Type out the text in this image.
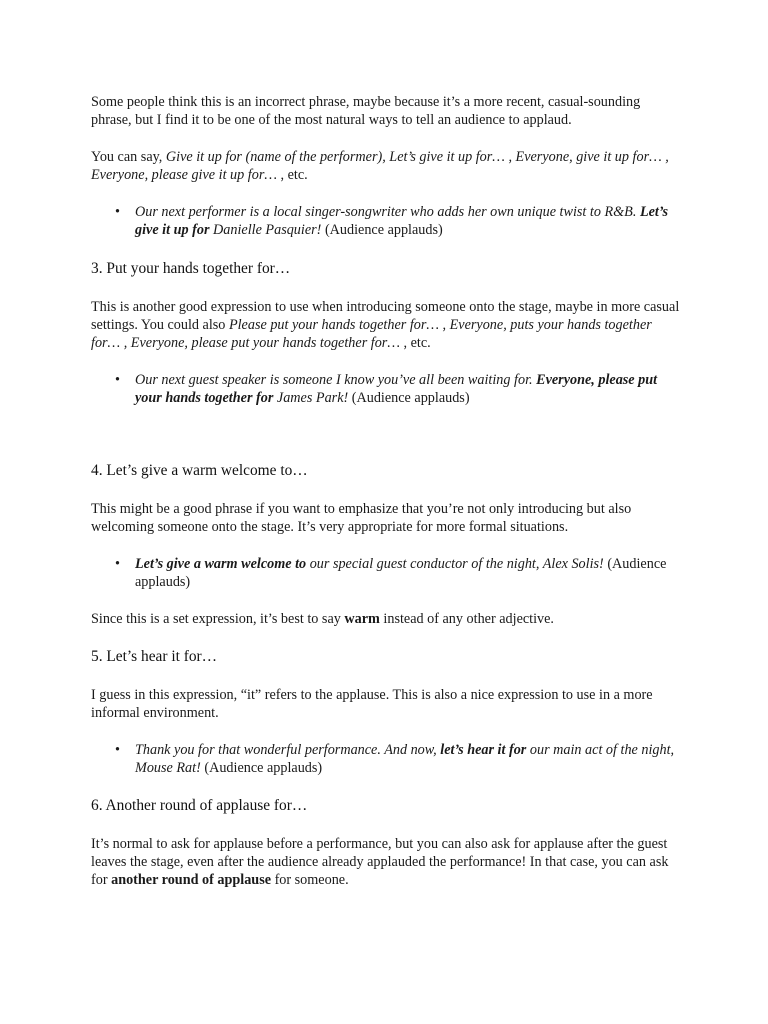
Some people think this is an incorrect phrase, maybe because it’s a more recent, casual-sounding phrase, but I find it to be one of the most natural ways to tell an audience to applaud.

You can say, Give it up for (name of the performer), Let’s give it up for… , Everyone, give it up for… , Everyone, please give it up for… , etc.

• Our next performer is a local singer-songwriter who adds her own unique twist to R&B. Let’s give it up for Danielle Pasquier! (Audience applauds)

3. Put your hands together for…

This is another good expression to use when introducing someone onto the stage, maybe in more casual settings. You could also Please put your hands together for… , Everyone, puts your hands together for… , Everyone, please put your hands together for… , etc.

• Our next guest speaker is someone I know you’ve all been waiting for. Everyone, please put your hands together for James Park! (Audience applauds)

4. Let’s give a warm welcome to…

This might be a good phrase if you want to emphasize that you’re not only introducing but also welcoming someone onto the stage. It’s very appropriate for more formal situations.

• Let’s give a warm welcome to our special guest conductor of the night, Alex Solis! (Audience applauds)

Since this is a set expression, it’s best to say warm instead of any other adjective.

5. Let’s hear it for…

I guess in this expression, “it” refers to the applause. This is also a nice expression to use in a more informal environment.

• Thank you for that wonderful performance. And now, let’s hear it for our main act of the night, Mouse Rat! (Audience applauds)

6. Another round of applause for…

It’s normal to ask for applause before a performance, but you can also ask for applause after the guest leaves the stage, even after the audience already applauded the performance! In that case, you can ask for another round of applause for someone.
